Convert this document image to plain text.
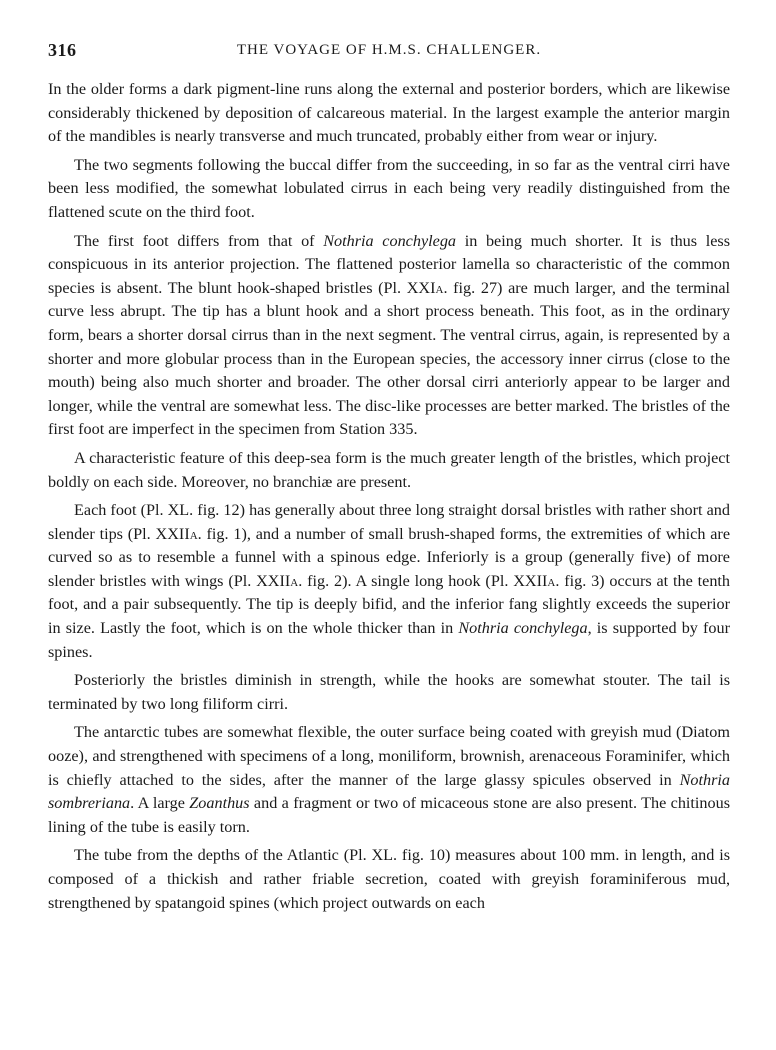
316	THE VOYAGE OF H.M.S. CHALLENGER.

In the older forms a dark pigment-line runs along the external and posterior borders, which are likewise considerably thickened by deposition of calcareous material. In the largest example the anterior margin of the mandibles is nearly transverse and much truncated, probably either from wear or injury.

The two segments following the buccal differ from the succeeding, in so far as the ventral cirri have been less modified, the somewhat lobulated cirrus in each being very readily distinguished from the flattened scute on the third foot.

The first foot differs from that of Nothria conchylega in being much shorter. It is thus less conspicuous in its anterior projection. The flattened posterior lamella so characteristic of the common species is absent. The blunt hook-shaped bristles (Pl. XXIa. fig. 27) are much larger, and the terminal curve less abrupt. The tip has a blunt hook and a short process beneath. This foot, as in the ordinary form, bears a shorter dorsal cirrus than in the next segment. The ventral cirrus, again, is represented by a shorter and more globular process than in the European species, the accessory inner cirrus (close to the mouth) being also much shorter and broader. The other dorsal cirri anteriorly appear to be larger and longer, while the ventral are somewhat less. The disc-like processes are better marked. The bristles of the first foot are imperfect in the specimen from Station 335.

A characteristic feature of this deep-sea form is the much greater length of the bristles, which project boldly on each side. Moreover, no branchiæ are present.

Each foot (Pl. XL. fig. 12) has generally about three long straight dorsal bristles with rather short and slender tips (Pl. XXIIa. fig. 1), and a number of small brush-shaped forms, the extremities of which are curved so as to resemble a funnel with a spinous edge. Inferiorly is a group (generally five) of more slender bristles with wings (Pl. XXIIa. fig. 2). A single long hook (Pl. XXIIa. fig. 3) occurs at the tenth foot, and a pair subsequently. The tip is deeply bifid, and the inferior fang slightly exceeds the superior in size. Lastly the foot, which is on the whole thicker than in Nothria conchylega, is supported by four spines.

Posteriorly the bristles diminish in strength, while the hooks are somewhat stouter. The tail is terminated by two long filiform cirri.

The antarctic tubes are somewhat flexible, the outer surface being coated with greyish mud (Diatom ooze), and strengthened with specimens of a long, moniliform, brownish, arenaceous Foraminifer, which is chiefly attached to the sides, after the manner of the large glassy spicules observed in Nothria sombreriana. A large Zoanthus and a fragment or two of micaceous stone are also present. The chitinous lining of the tube is easily torn.

The tube from the depths of the Atlantic (Pl. XL. fig. 10) measures about 100 mm. in length, and is composed of a thickish and rather friable secretion, coated with greyish foraminiferous mud, strengthened by spatangoid spines (which project outwards on each
